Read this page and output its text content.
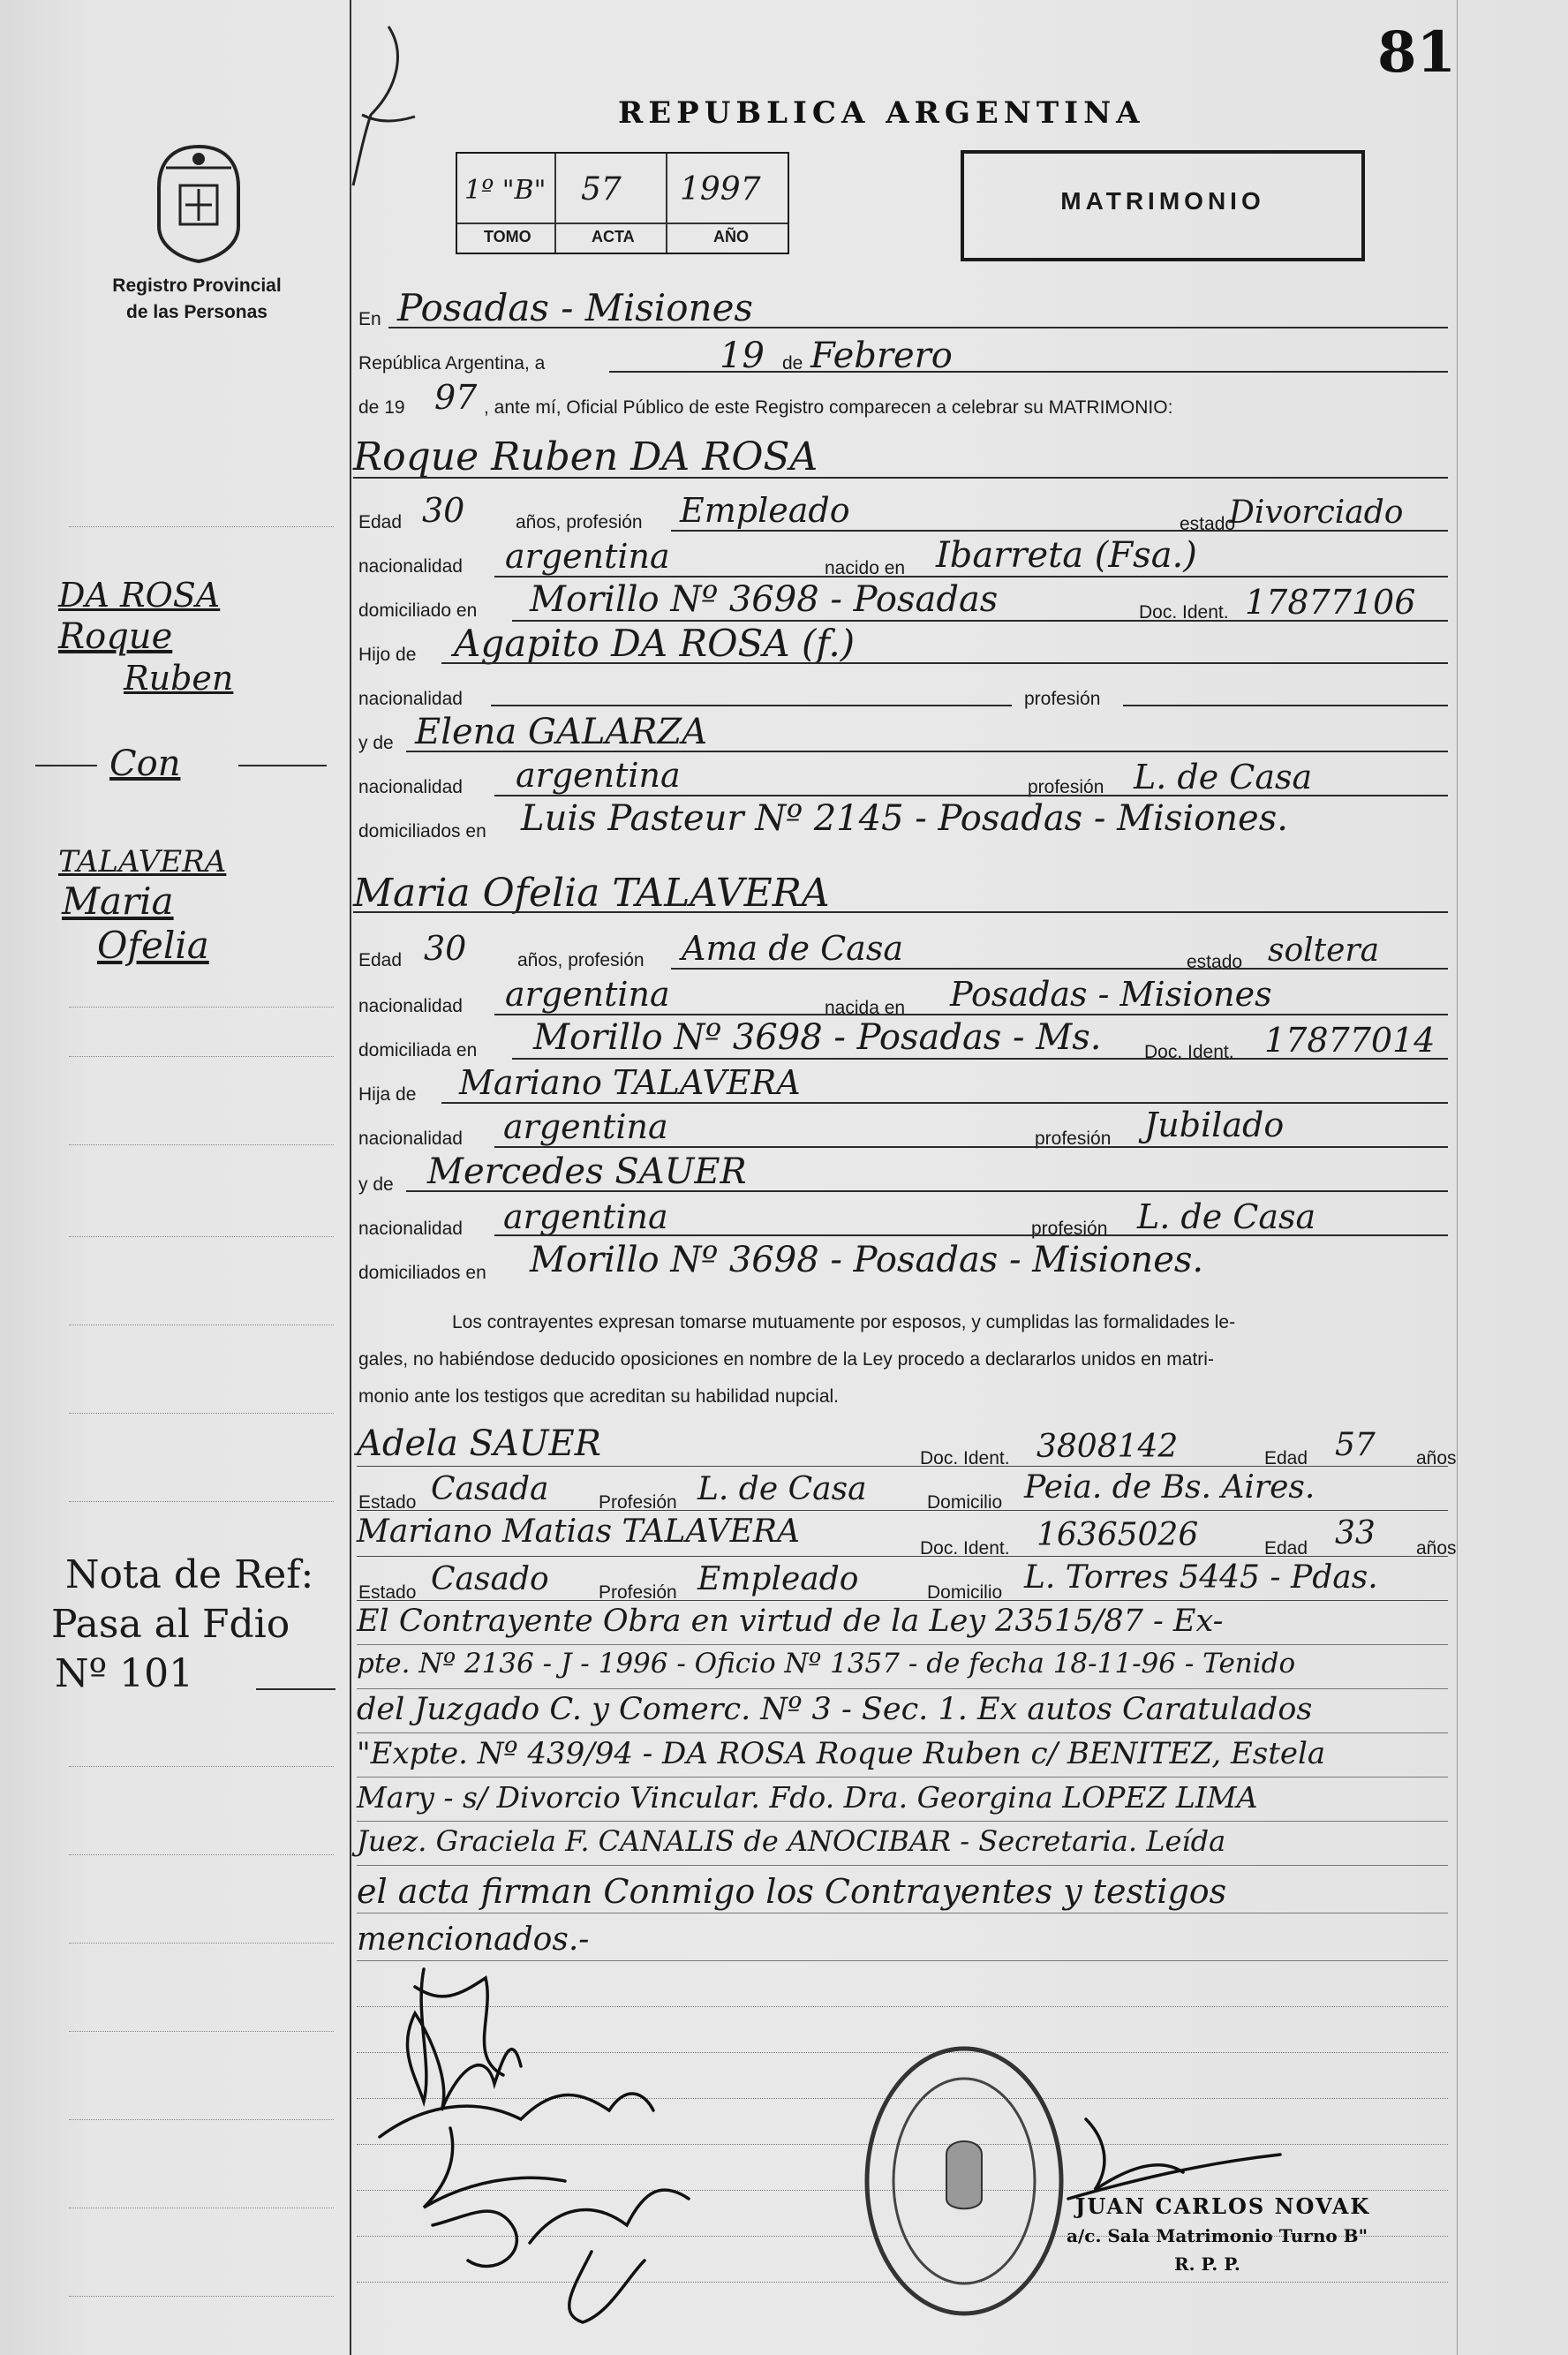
81
Registro Provincial
de las Personas
REPUBLICA ARGENTINA
1º "B" 57 1997
TOMO	ACTA	AÑO
MATRIMONIO
En Posadas - Misiones
República Argentina, a	19 de Febrero
de 19 97 , ante mí, Oficial Público de este Registro comparecen a celebrar su MATRIMONIO:
Roque Ruben DA ROSA
Edad 30	años, profesión Empleado	estado
Divorciado
nacionalidad argentina	nacido en Ibarreta (Fsa.)
domiciliado en Morillo Nº 3698 - Posadas	Doc. Ident. 17877106
Hijo de Agapito DA ROSA (f.)
nacionalidad	profesión
y de Elena GALARZA
nacionalidad argentina	profesión L. de Casa
domiciliados en Luis Pasteur Nº 2145 - Posadas - Misiones.
Maria Ofelia TALAVERA
Edad 30	años, profesión Ama de Casa	estado soltera
nacionalidad argentina	nacida en Posadas - Misiones
domiciliada en Morillo Nº 3698 - Posadas - Ms. Doc. Ident. 17877014
Hija de Mariano TALAVERA
nacionalidad argentina	profesión Jubilado
y de Mercedes SAUER
nacionalidad argentina	profesión L. de Casa
domiciliados en Morillo Nº 3698 - Posadas - Misiones.
Los contrayentes expresan tomarse mutuamente por esposos, y cumplidas las formalidades le-
gales, no habiéndose deducido oposiciones en nombre de la Ley procedo a declararlos unidos en matri-
monio ante los testigos que acreditan su habilidad nupcial.
Adela SAUER	Doc. Ident. 3808142	Edad 57 años
Estado Casada	Profesión L. de Casa	Domicilio Peia. de Bs. Aires.
Mariano Matias TALAVERA	Doc. Ident. 16365026	Edad 33 años
Estado Casado	Profesión Empleado	Domicilio L. Torres 5445 - Pdas.
El Contrayente Obra en virtud de la Ley 23515/87 - Ex-
pte. Nº 2136 - J - 1996 - Oficio Nº 1357 - de fecha 18-11-96 - Tenido
del Juzgado C. y Comerc. Nº 3 - Sec. 1. Ex autos Caratulados
"Expte. Nº 439/94 - DA ROSA Roque Ruben c/ BENITEZ, Estela
Mary - s/ Divorcio Vincular. Fdo. Dra. Georgina LOPEZ LIMA
Juez. Graciela F. CANALIS de ANOCIBAR - Secretaria. Leída
el acta firman Conmigo los Contrayentes y testigos
mencionados.-
JUAN CARLOS NOVAK
a/c. Sala Matrimonio Turno B"
R. P. P.
DA ROSA
Roque
Ruben
Con
TALAVERA
Maria
Ofelia
Nota de Ref:
Pasa al Fdio
Nº 101
